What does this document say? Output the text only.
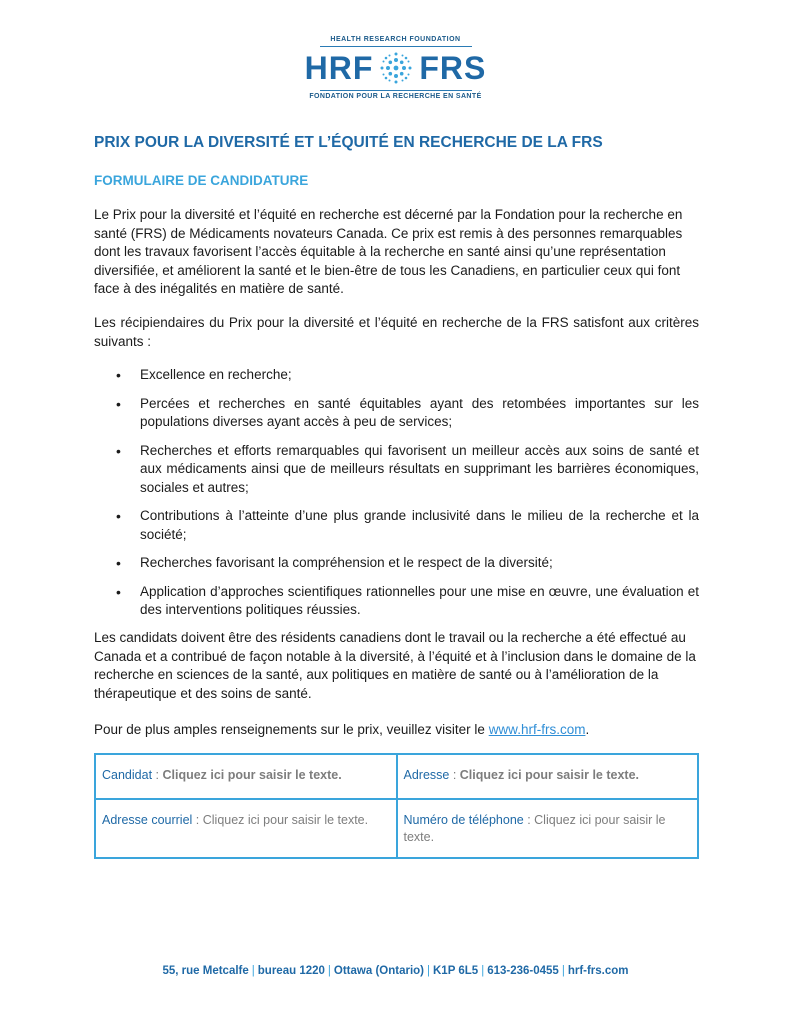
HEALTH RESEARCH FOUNDATION
HRF FRS
FONDATION POUR LA RECHERCHE EN SANTÉ
PRIX POUR LA DIVERSITÉ ET L’ÉQUITÉ EN RECHERCHE DE LA FRS
FORMULAIRE DE CANDIDATURE

Le Prix pour la diversité et l’équité en recherche est décerné par la Fondation pour la recherche en santé (FRS) de Médicaments novateurs Canada. Ce prix est remis à des personnes remarquables dont les travaux favorisent l’accès équitable à la recherche en santé ainsi qu’une représentation diversifiée, et améliorent la santé et le bien-être de tous les Canadiens, en particulier ceux qui font face à des inégalités en matière de santé.

Les récipiendaires du Prix pour la diversité et l’équité en recherche de la FRS satisfont aux critères suivants :

• Excellence en recherche;
• Percées et recherches en santé équitables ayant des retombées importantes sur les populations diverses ayant accès à peu de services;
• Recherches et efforts remarquables qui favorisent un meilleur accès aux soins de santé et aux médicaments ainsi que de meilleurs résultats en supprimant les barrières économiques, sociales et autres;
• Contributions à l’atteinte d’une plus grande inclusivité dans le milieu de la recherche et la société;
• Recherches favorisant la compréhension et le respect de la diversité;
• Application d’approches scientifiques rationnelles pour une mise en œuvre, une évaluation et des interventions politiques réussies.

Les candidats doivent être des résidents canadiens dont le travail ou la recherche a été effectué au Canada et a contribué de façon notable à la diversité, à l’équité et à l’inclusion dans le domaine de la recherche en sciences de la santé, aux politiques en matière de santé ou à l’amélioration de la thérapeutique et des soins de santé.

Pour de plus amples renseignements sur le prix, veuillez visiter le www.hrf-frs.com.

Candidat : Cliquez ici pour saisir le texte.	Adresse : Cliquez ici pour saisir le texte.
Adresse courriel : Cliquez ici pour saisir le texte.	Numéro de téléphone : Cliquez ici pour saisir le texte.
55, rue Metcalfe | bureau 1220 | Ottawa (Ontario) | K1P 6L5 | 613-236-0455 | hrf-frs.com
